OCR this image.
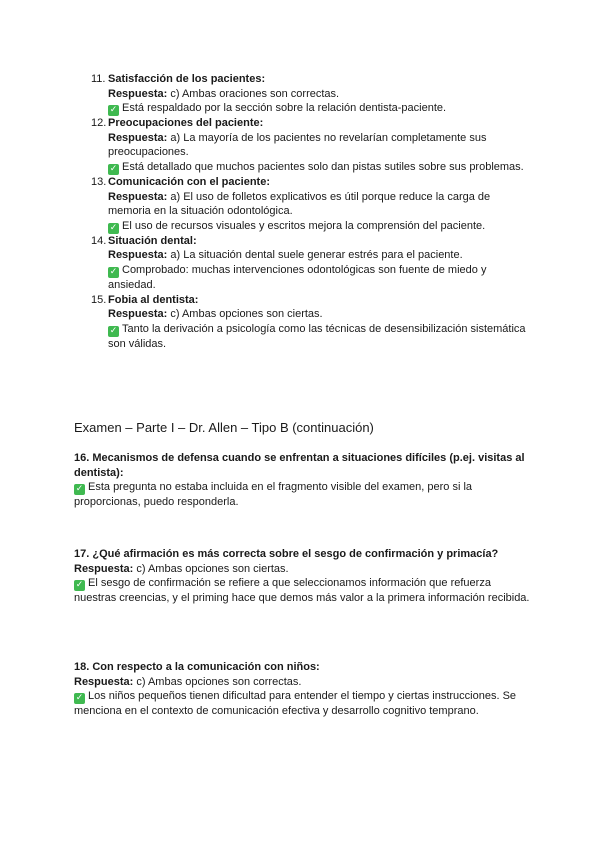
11. Satisfacción de los pacientes:
Respuesta: c) Ambas oraciones son correctas.
✓ Está respaldado por la sección sobre la relación dentista-paciente.
12. Preocupaciones del paciente:
Respuesta: a) La mayoría de los pacientes no revelarían completamente sus preocupaciones.
✓ Está detallado que muchos pacientes solo dan pistas sutiles sobre sus problemas.
13. Comunicación con el paciente:
Respuesta: a) El uso de folletos explicativos es útil porque reduce la carga de memoria en la situación odontológica.
✓ El uso de recursos visuales y escritos mejora la comprensión del paciente.
14. Situación dental:
Respuesta: a) La situación dental suele generar estrés para el paciente.
✓ Comprobado: muchas intervenciones odontológicas son fuente de miedo y ansiedad.
15. Fobia al dentista:
Respuesta: c) Ambas opciones son ciertas.
✓ Tanto la derivación a psicología como las técnicas de desensibilización sistemática son válidas.
Examen – Parte I – Dr. Allen – Tipo B (continuación)
16. Mecanismos de defensa cuando se enfrentan a situaciones difíciles (p.ej. visitas al dentista):
✓ Esta pregunta no estaba incluida en el fragmento visible del examen, pero si la proporcionas, puedo responderla.
17. ¿Qué afirmación es más correcta sobre el sesgo de confirmación y primacía?
Respuesta: c) Ambas opciones son ciertas.
✓ El sesgo de confirmación se refiere a que seleccionamos información que refuerza nuestras creencias, y el priming hace que demos más valor a la primera información recibida.
18. Con respecto a la comunicación con niños:
Respuesta: c) Ambas opciones son correctas.
✓ Los niños pequeños tienen dificultad para entender el tiempo y ciertas instrucciones. Se menciona en el contexto de comunicación efectiva y desarrollo cognitivo temprano.
